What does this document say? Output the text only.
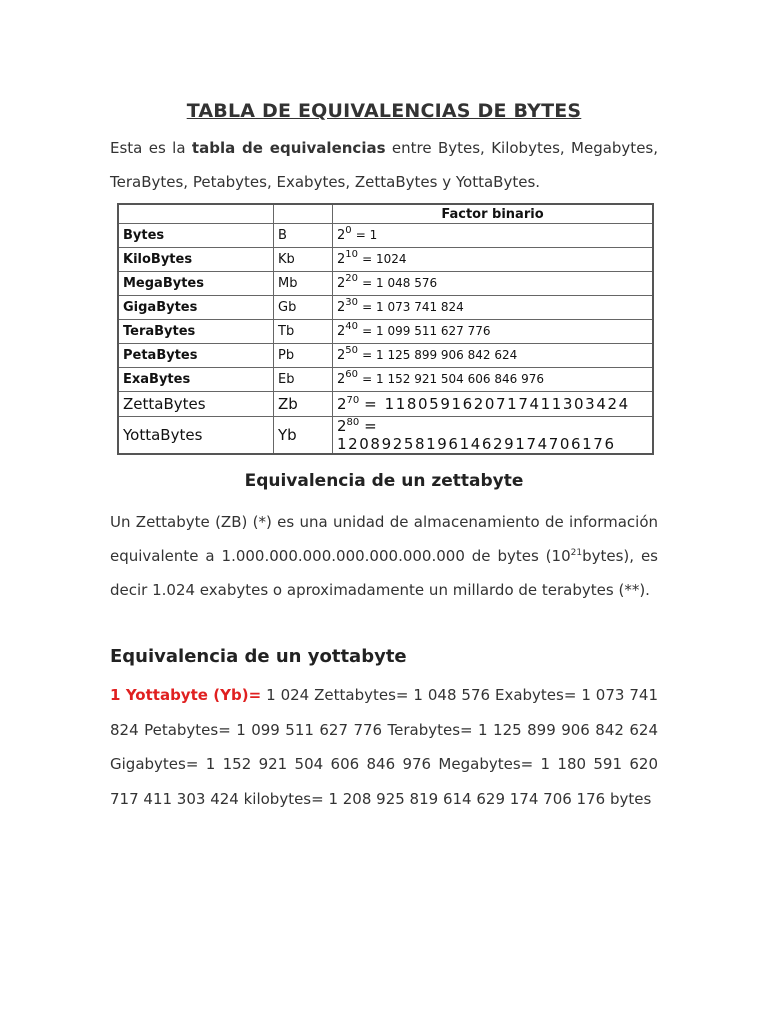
TABLA DE EQUIVALENCIAS DE BYTES
Esta es la tabla de equivalencias entre Bytes, Kilobytes, Megabytes, TeraBytes, Petabytes, Exabytes, ZettaBytes y YottaBytes.
		Factor binario
Bytes	B	$2^0 = 1$
KiloBytes	Kb	$2^{10} = 1024$
MegaBytes	Mb	$2^{20} = 1$ 048 576
GigaBytes	Gb	$2^{30} = 1$ 073 741 824
TeraBytes	Tb	$2^{40} = 1$ 099 511 627 776
PetaBytes	Pb	$2^{50} = 1$ 125 899 906 842 624
ExaBytes	Eb	$2^{60} = 1$ 152 921 504 606 846 976
ZettaBytes	Zb	$2^{70} = 1180591620717411303424$
YottaBytes	Yb	$2^{80} = 1208925819614629174706176$
Equivalencia de un zettabyte
Un Zettabyte (ZB) (*) es una unidad de almacenamiento de información equivalente a 1.000.000.000.000.000.000.000 de bytes $(10^{21}bytes)$, es decir 1.024 exabytes o aproximadamente un millardo de terabytes (**).
Equivalencia de un yottabyte
1 Yottabyte (Yb)= 1 024 Zettabytes= 1 048 576 Exabytes= 1 073 741 824 Petabytes= 1 099 511 627 776 Terabytes= 1 125 899 906 842 624 Gigabytes= 1 152 921 504 606 846 976 Megabytes= 1 180 591 620 717 411 303 424 kilobytes= 1 208 925 819 614 629 174 706 176 bytes
